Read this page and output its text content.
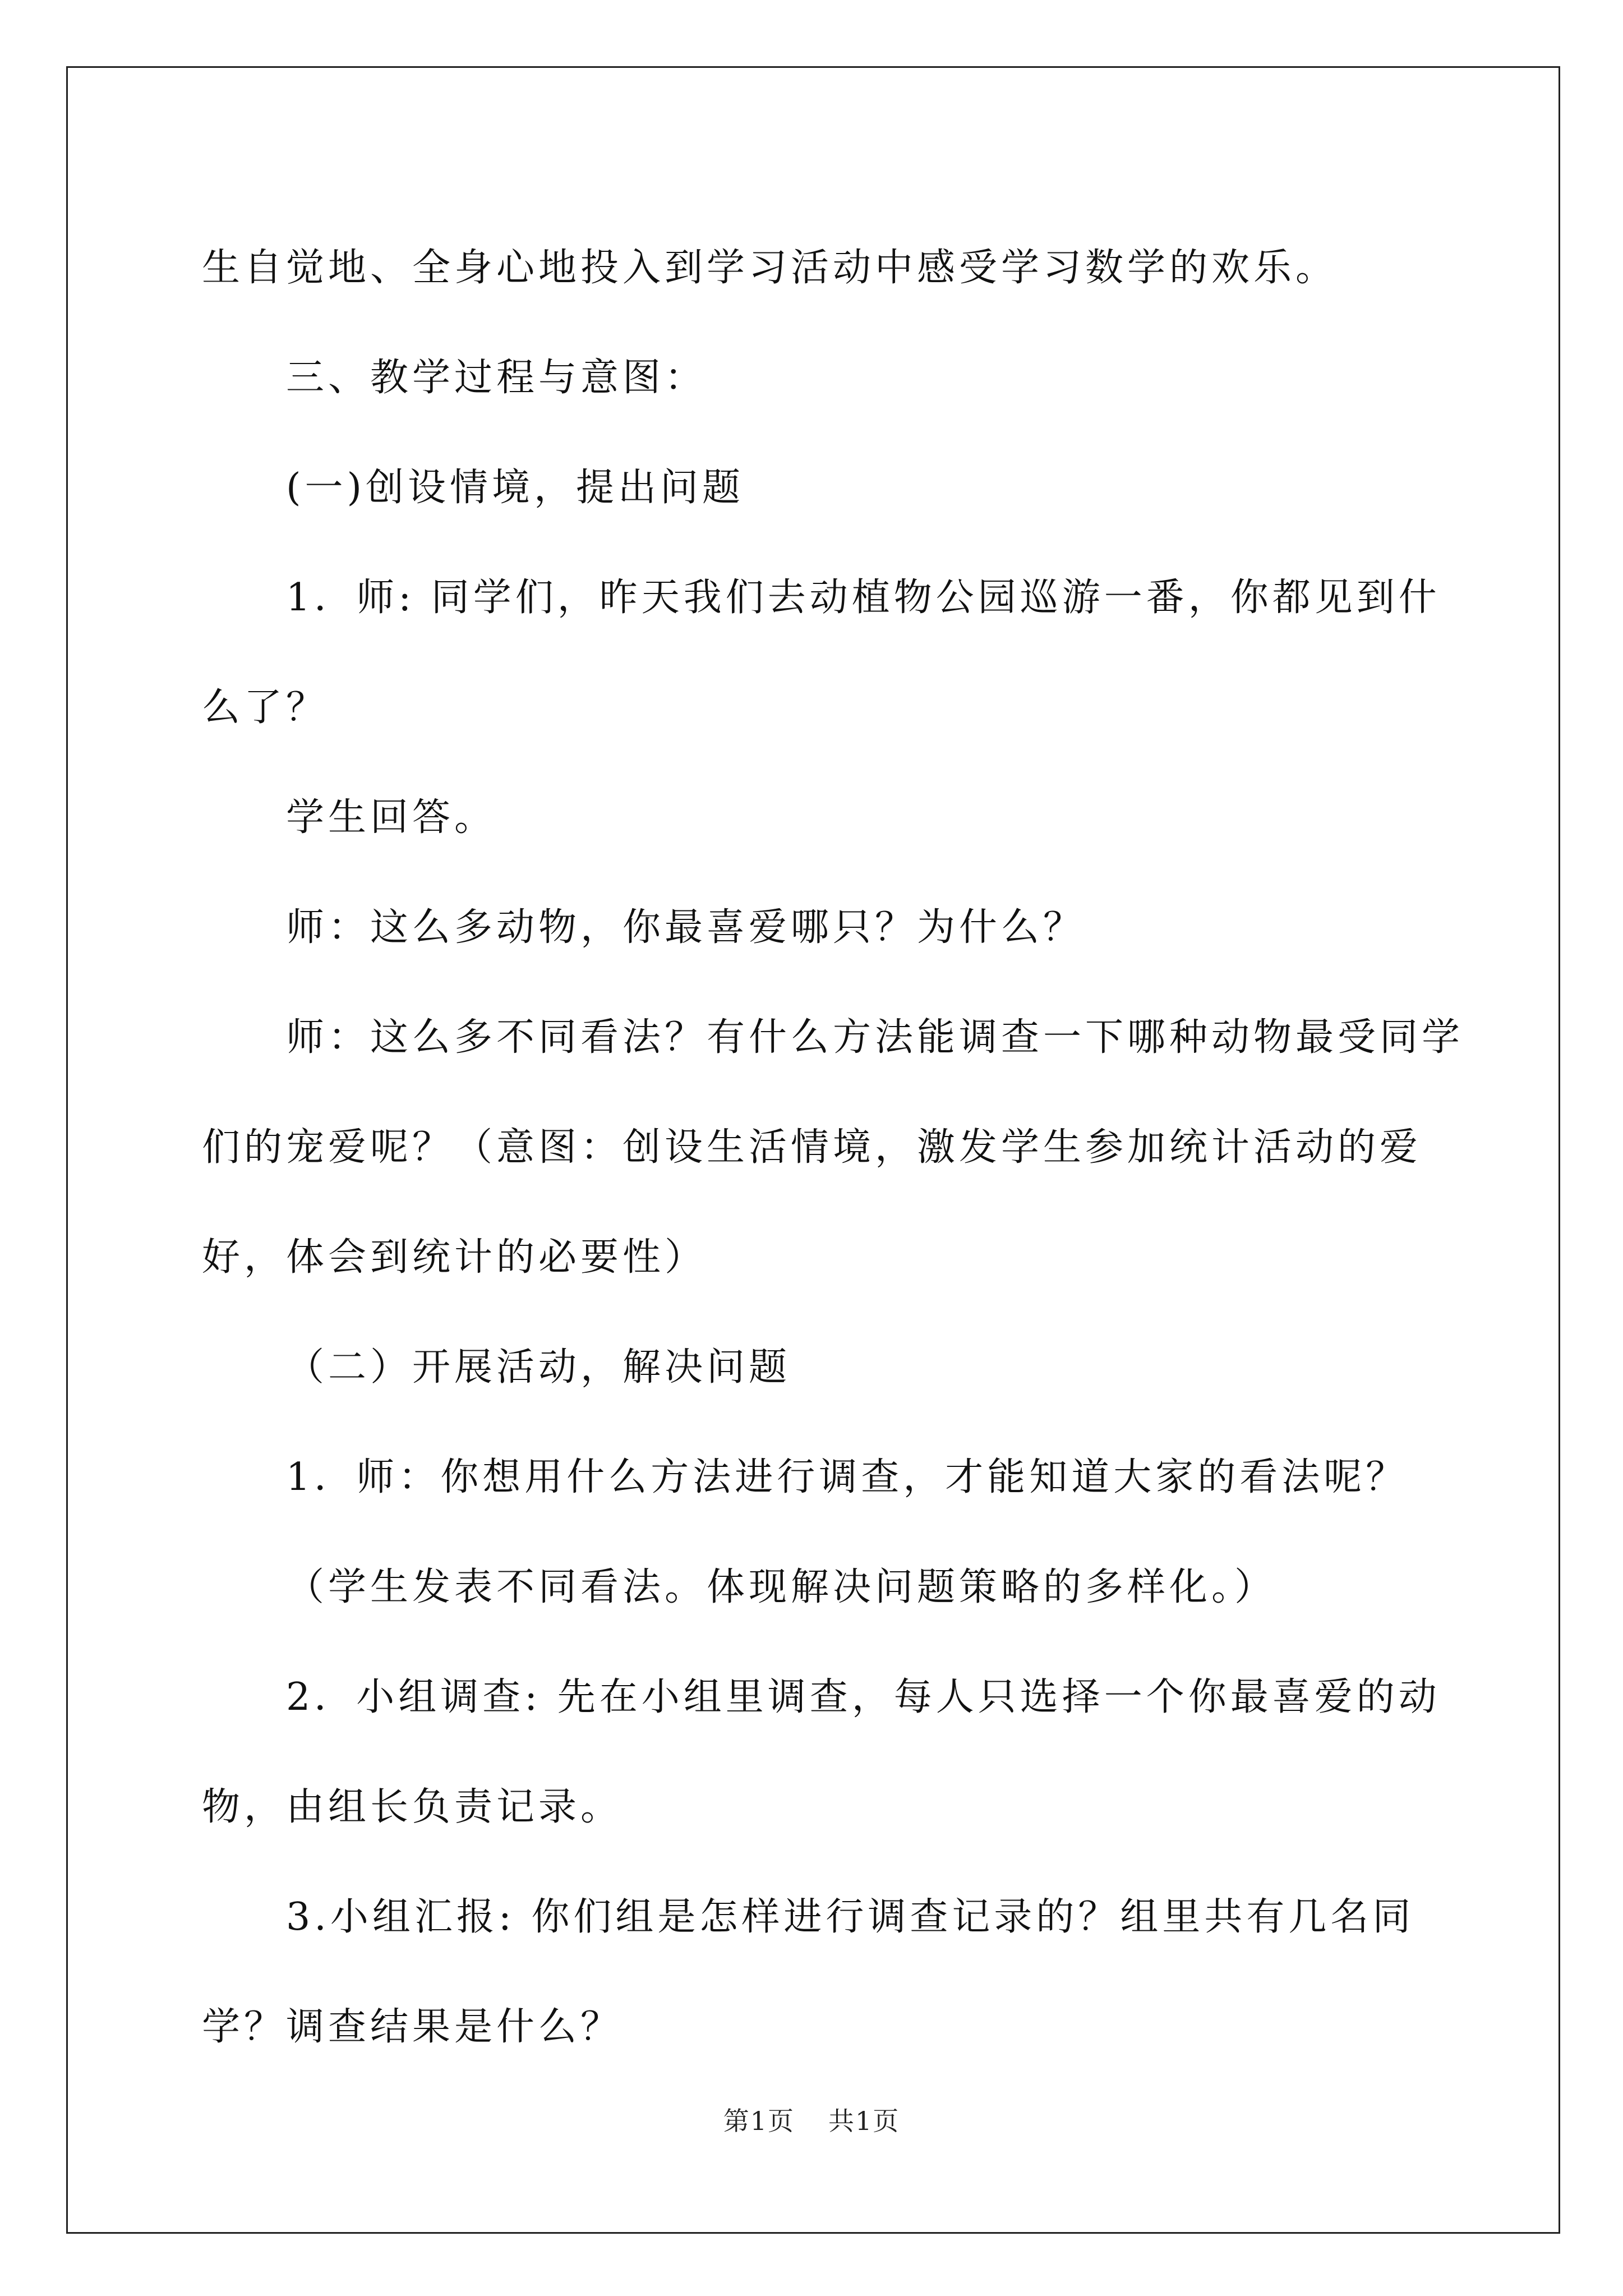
生自觉地、全身心地投入到学习活动中感受学习数学的欢乐。

三、教学过程与意图：

(一)创设情境，提出问题

1．师: 同学们，昨天我们去动植物公园巡游一番，你都见到什么了？

学生回答。

师：这么多动物，你最喜爱哪只？为什么？

师：这么多不同看法？有什么方法能调查一下哪种动物最受同学们的宠爱呢？（意图：创设生活情境，激发学生参加统计活动的爱好，体会到统计的必要性）

（二）开展活动，解决问题

1．师：你想用什么方法进行调查，才能知道大家的看法呢？

（学生发表不同看法。体现解决问题策略的多样化。）

2．小组调查: 先在小组里调查，每人只选择一个你最喜爱的动物，由组长负责记录。

3.小组汇报: 你们组是怎样进行调查记录的？组里共有几名同学？调查结果是什么？

第1页 共1页
